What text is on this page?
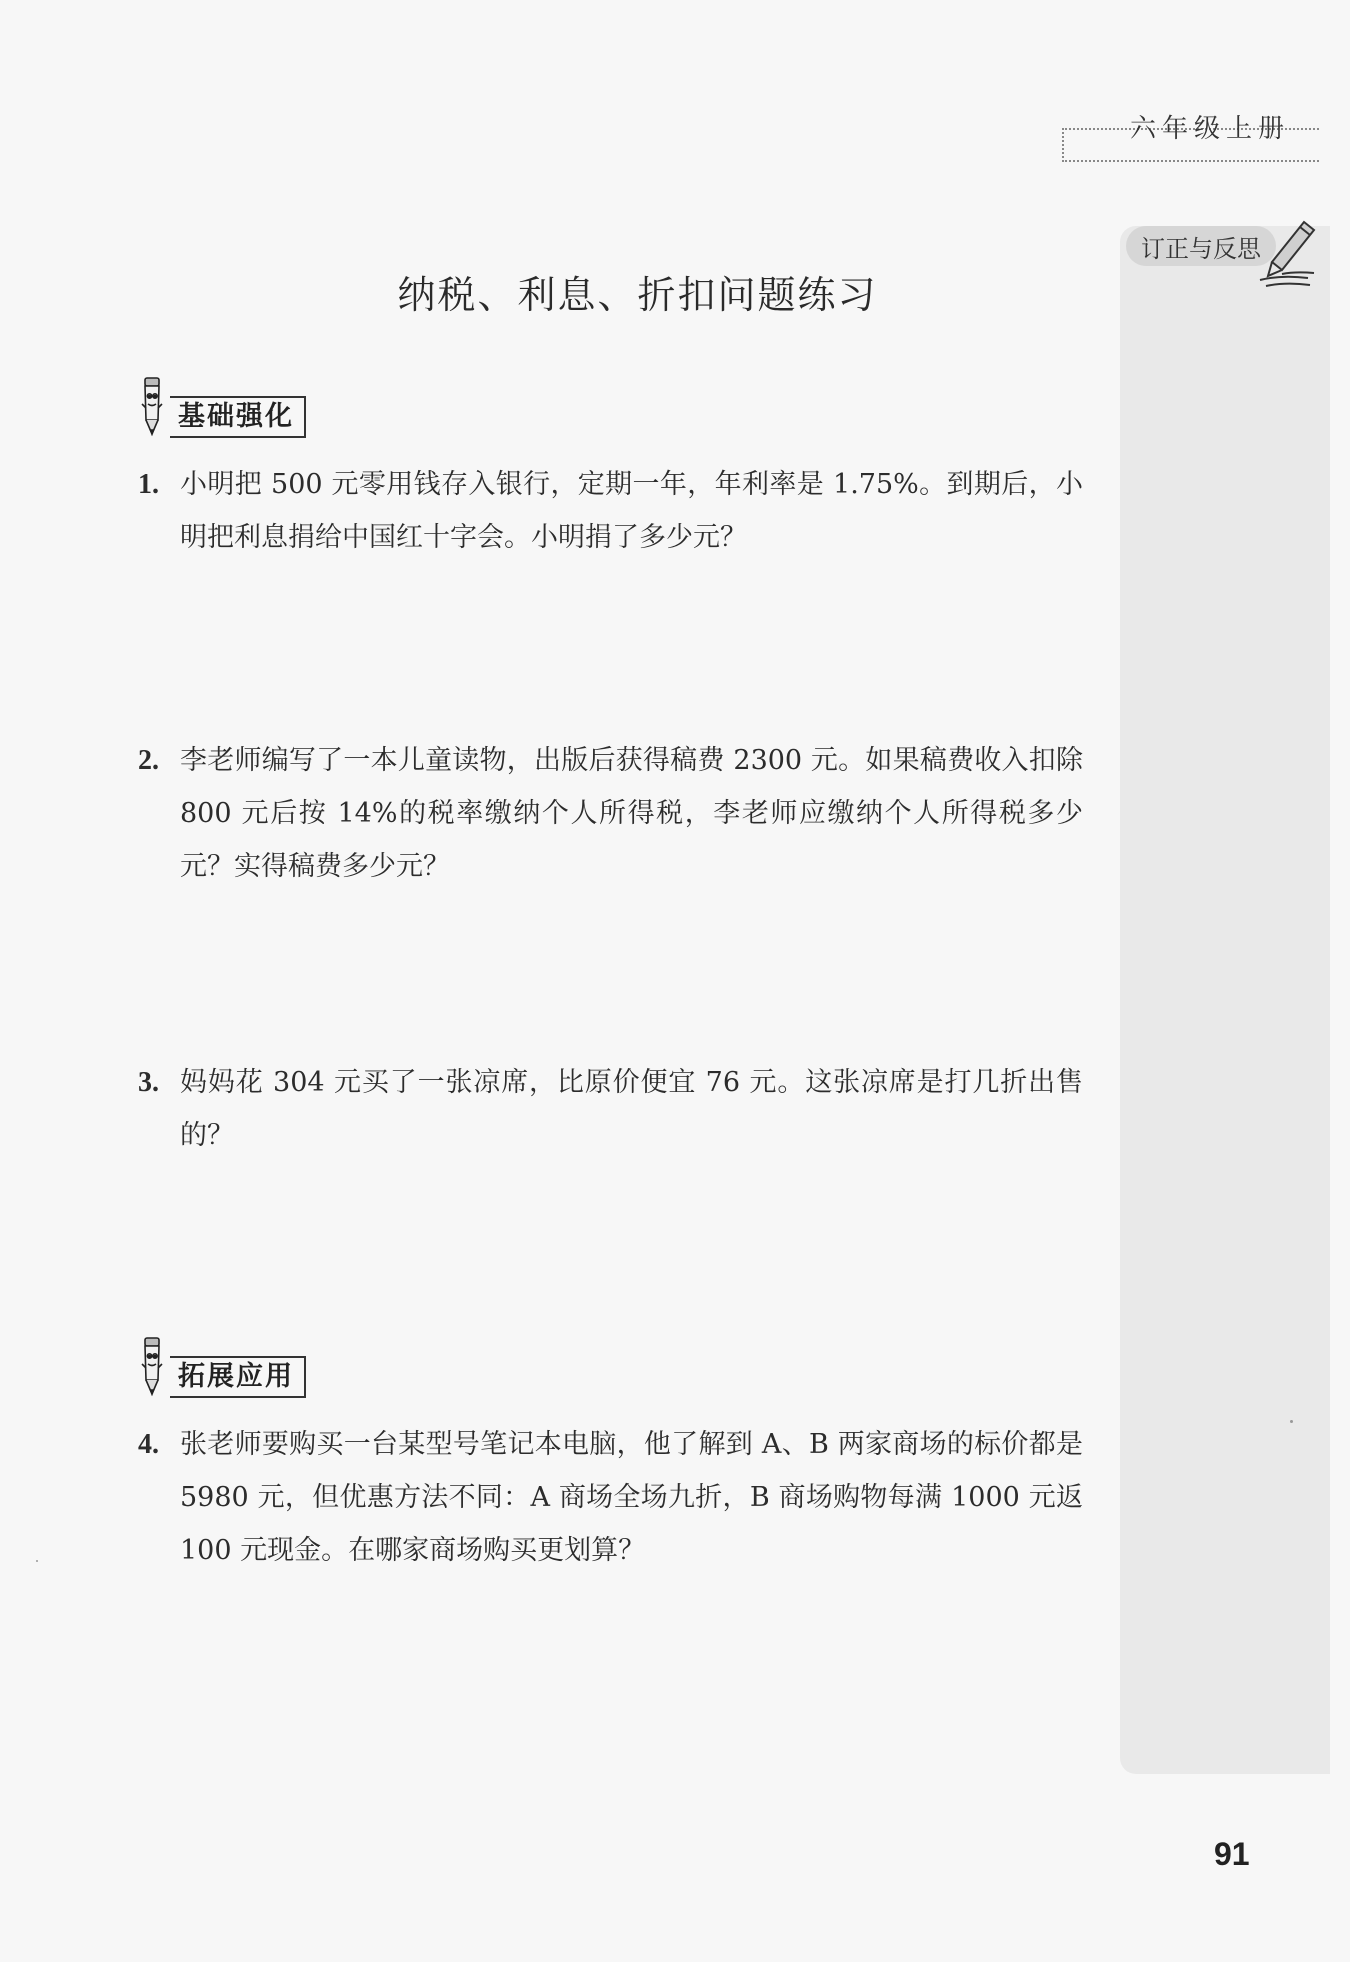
六年级上册
订正与反思
纳税、利息、折扣问题练习
基础强化
1. 小明把 500 元零用钱存入银行，定期一年，年利率是 1.75%。到期后，小明把利息捐给中国红十字会。小明捐了多少元？
2. 李老师编写了一本儿童读物，出版后获得稿费 2300 元。如果稿费收入扣除 800 元后按 14%的税率缴纳个人所得税，李老师应缴纳个人所得税多少元？实得稿费多少元？
3. 妈妈花 304 元买了一张凉席，比原价便宜 76 元。这张凉席是打几折出售的？
拓展应用
4. 张老师要购买一台某型号笔记本电脑，他了解到 A、B 两家商场的标价都是 5980 元，但优惠方法不同：A 商场全场九折，B 商场购物每满 1000 元返 100 元现金。在哪家商场购买更划算？
91
